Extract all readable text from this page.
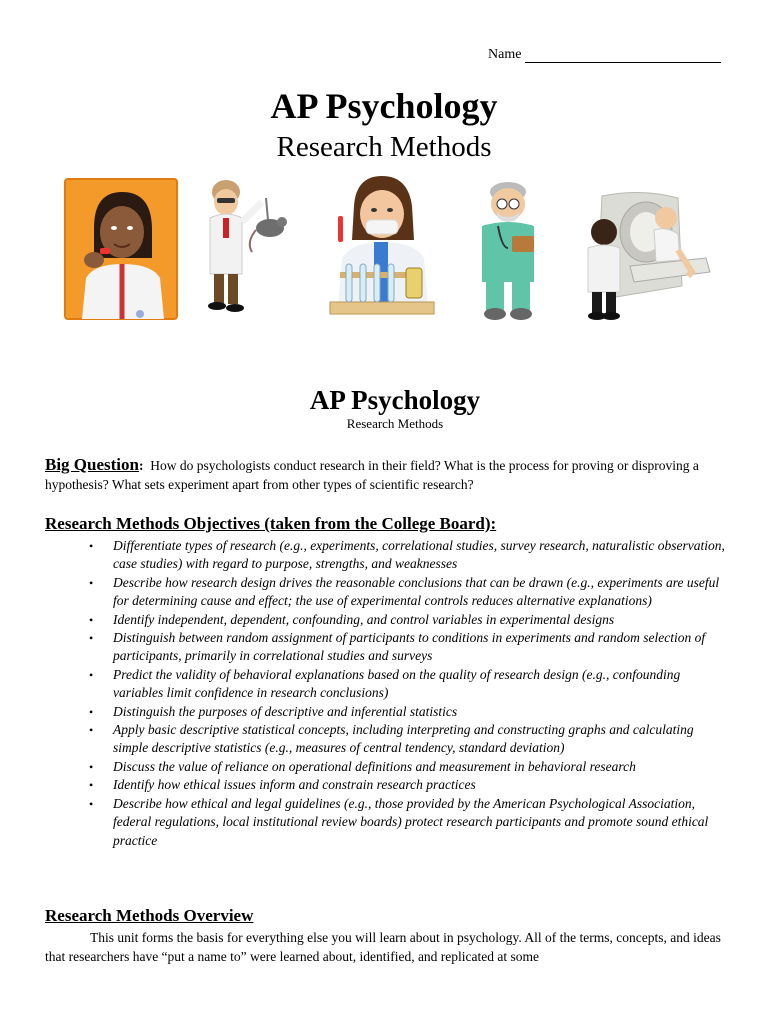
Name
AP Psychology
Research Methods
AP Psychology
Research Methods
Big Question: How do psychologists conduct research in their field? What is the process for proving or disproving a hypothesis? What sets experiment apart from other types of scientific research?
Research Methods Objectives (taken from the College Board):
• Differentiate types of research (e.g., experiments, correlational studies, survey research, naturalistic observation, case studies) with regard to purpose, strengths, and weaknesses
• Describe how research design drives the reasonable conclusions that can be drawn (e.g., experiments are useful for determining cause and effect; the use of experimental controls reduces alternative explanations)
• Identify independent, dependent, confounding, and control variables in experimental designs
• Distinguish between random assignment of participants to conditions in experiments and random selection of participants, primarily in correlational studies and surveys
• Predict the validity of behavioral explanations based on the quality of research design (e.g., confounding variables limit confidence in research conclusions)
• Distinguish the purposes of descriptive and inferential statistics
• Apply basic descriptive statistical concepts, including interpreting and constructing graphs and calculating simple descriptive statistics (e.g., measures of central tendency, standard deviation)
• Discuss the value of reliance on operational definitions and measurement in behavioral research
• Identify how ethical issues inform and constrain research practices
• Describe how ethical and legal guidelines (e.g., those provided by the American Psychological Association, federal regulations, local institutional review boards) protect research participants and promote sound ethical practice
Research Methods Overview
This unit forms the basis for everything else you will learn about in psychology. All of the terms, concepts, and ideas that researchers have “put a name to” were learned about, identified, and replicated at some
